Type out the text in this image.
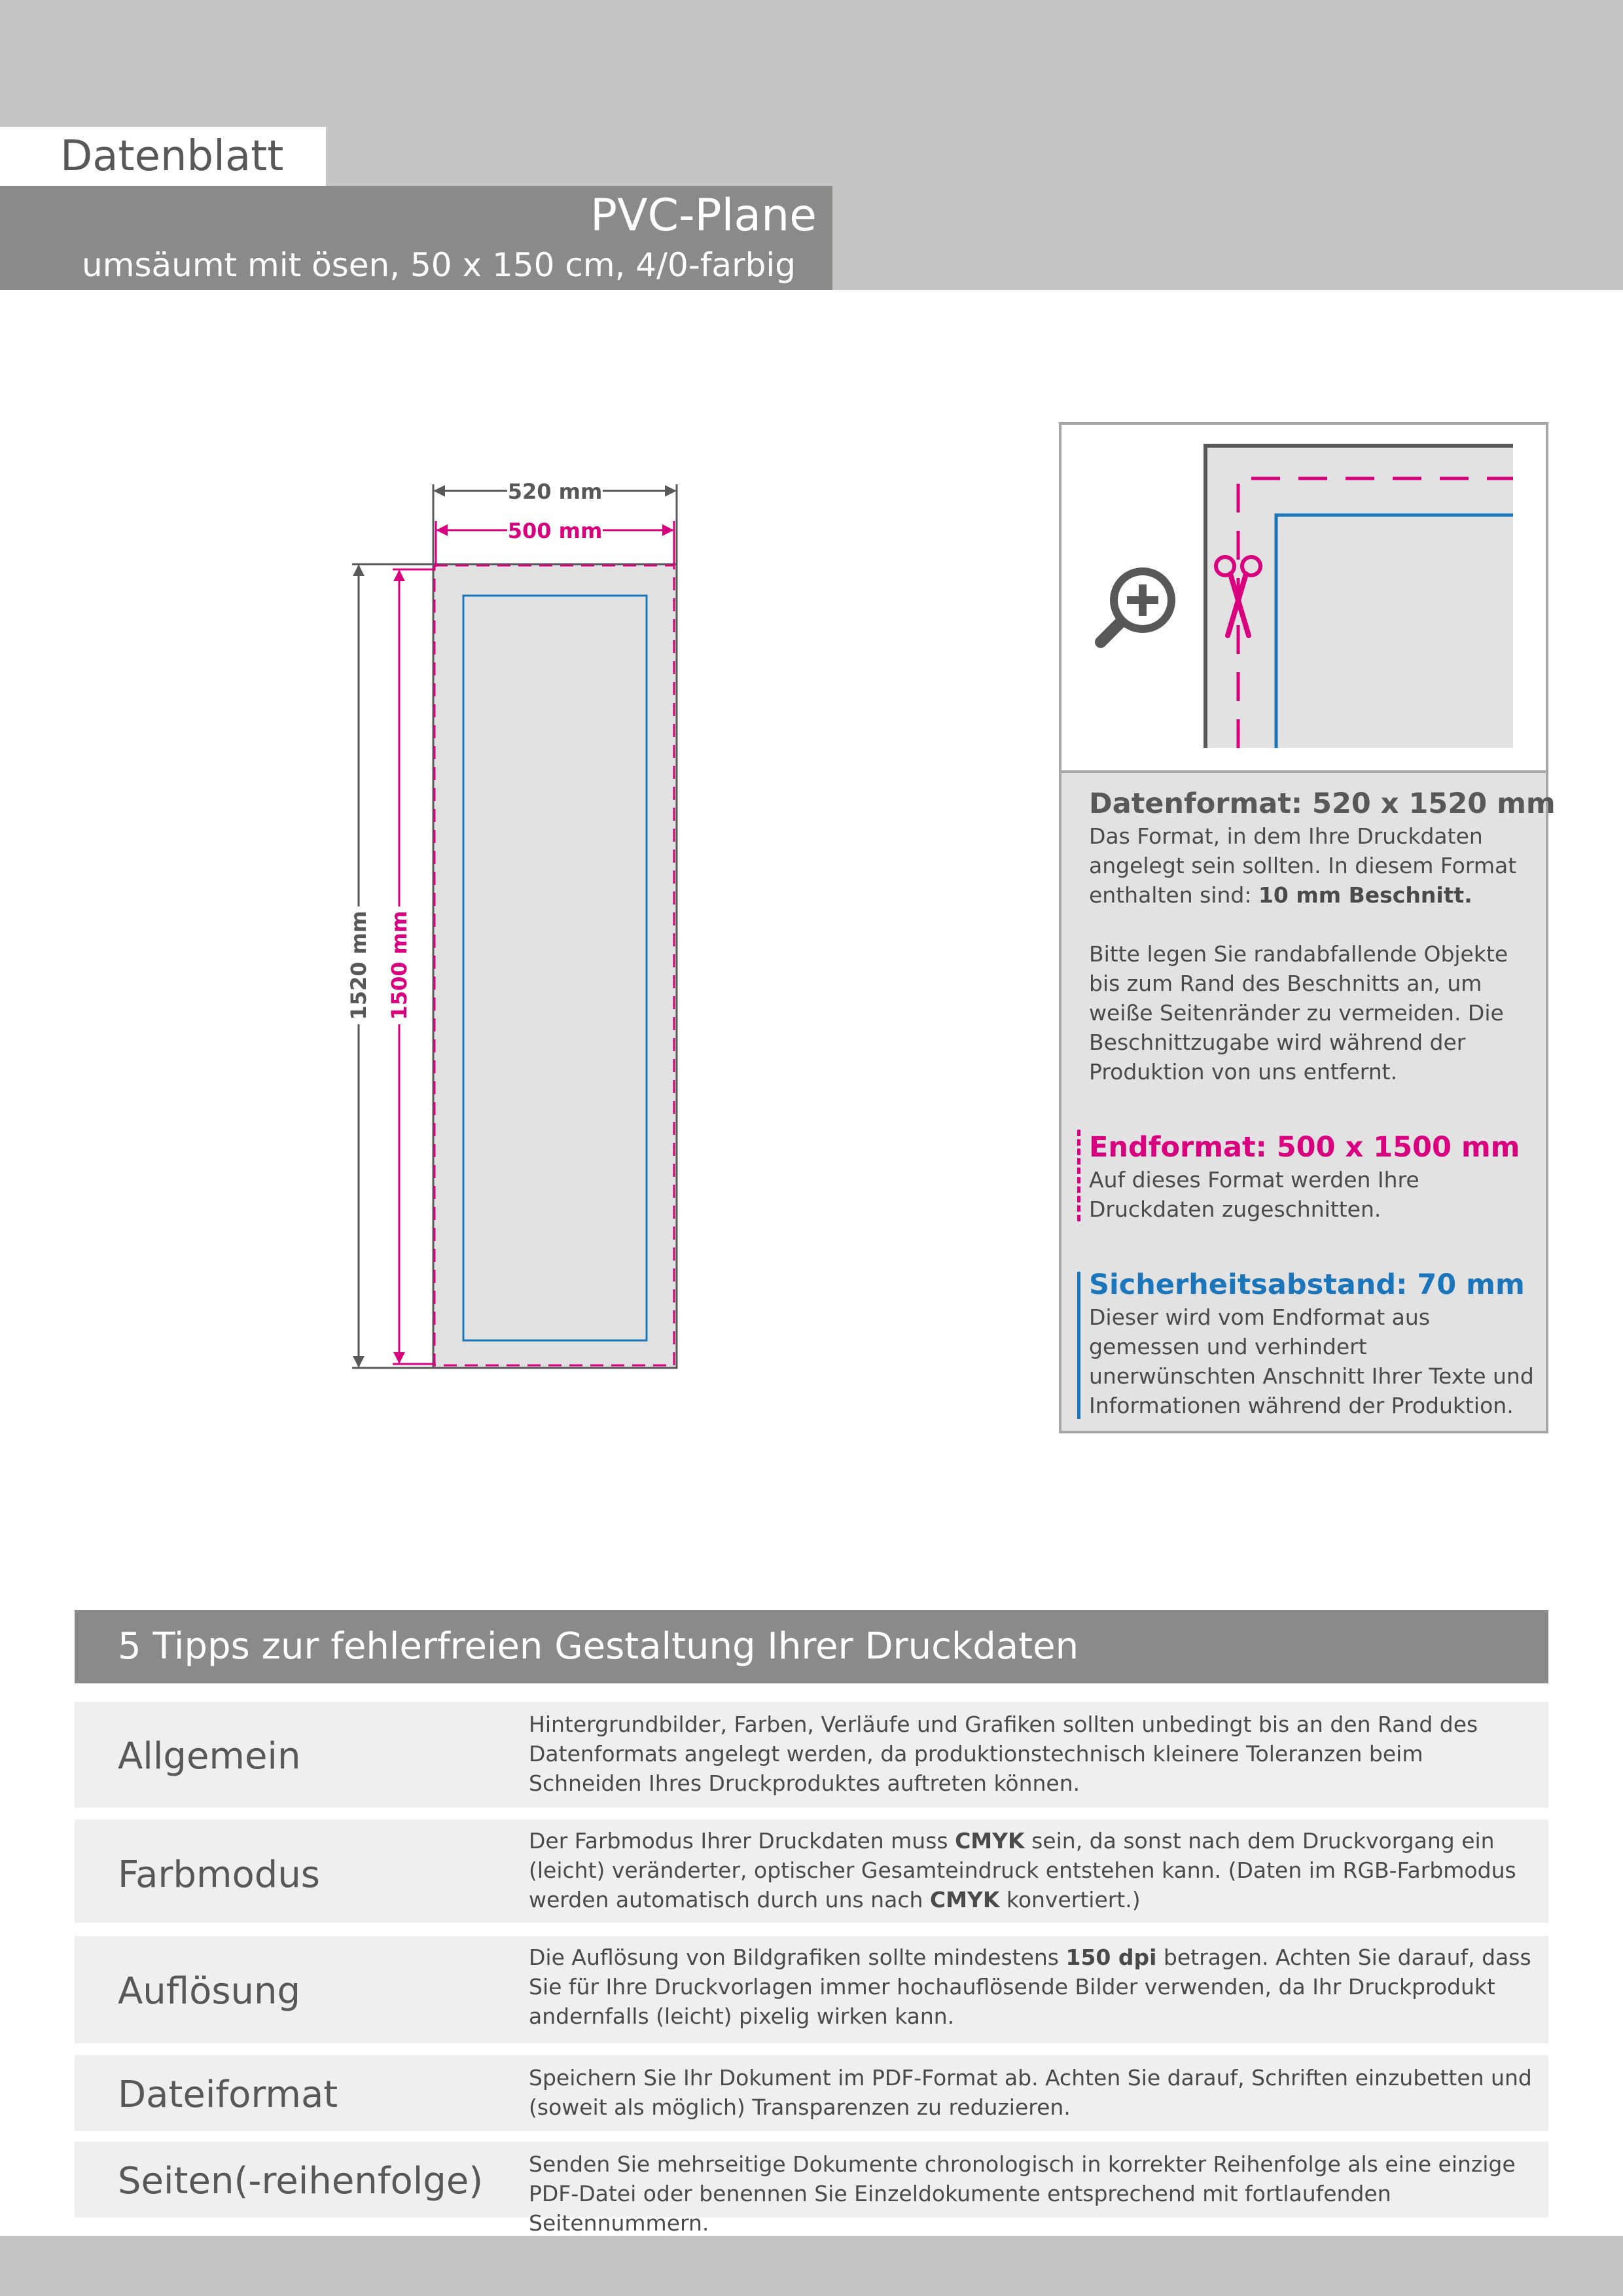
Datenblatt
PVC-Plane
umsäumt mit ösen, 50 x 150 cm, 4/0-farbig
520 mm
500 mm
1520 mm 1500 mm
Datenformat: 520 x 1520 mm

Das Format, in dem Ihre Druckdaten angelegt sein sollten. In diesem Format enthalten sind: 10 mm Beschnitt.

Bitte legen Sie randabfallende Objekte bis zum Rand des Beschnitts an, um weiße Seitenränder zu vermeiden. Die Beschnittzugabe wird während der Produktion von uns entfernt.

Endformat: 500 x 1500 mm
Auf dieses Format werden Ihre Druckdaten zugeschnitten.
Sicherheitsabstand: 70 mm
Dieser wird vom Endformat aus gemessen und verhindert unerwünschten Anschnitt Ihrer Texte und Informationen während der Produktion.
5 Tipps zur fehlerfreien Gestaltung Ihrer Druckdaten
Allgemein
Hintergrundbilder, Farben, Verläufe und Grafiken sollten unbedingt bis an den Rand des Datenformats angelegt werden, da produktionstechnisch kleinere Toleranzen beim Schneiden Ihres Druckproduktes auftreten können.
Farbmodus
Der Farbmodus Ihrer Druckdaten muss CMYK sein, da sonst nach dem Druckvorgang ein (leicht) veränderter, optischer Gesamteindruck entstehen kann. (Daten im RGB-Farbmodus werden automatisch durch uns nach CMYK konvertiert.)
Auflösung
Die Auflösung von Bildgrafiken sollte mindestens 150 dpi betragen. Achten Sie darauf, dass Sie für Ihre Druckvorlagen immer hochauflösende Bilder verwenden, da Ihr Druckprodukt andernfalls (leicht) pixelig wirken kann.
Dateiformat	Speichern Sie Ihr Dokument im PDF-Format ab. Achten Sie darauf, Schriften einzubetten und (soweit als möglich) Transparenzen zu reduzieren.
Seiten(-reihenfolge) Senden Sie mehrseitige Dokumente chronologisch in korrekter Reihenfolge als eine einzige PDF-Datei oder benennen Sie Einzeldokumente entsprechend mit fortlaufenden Seitennummern.
